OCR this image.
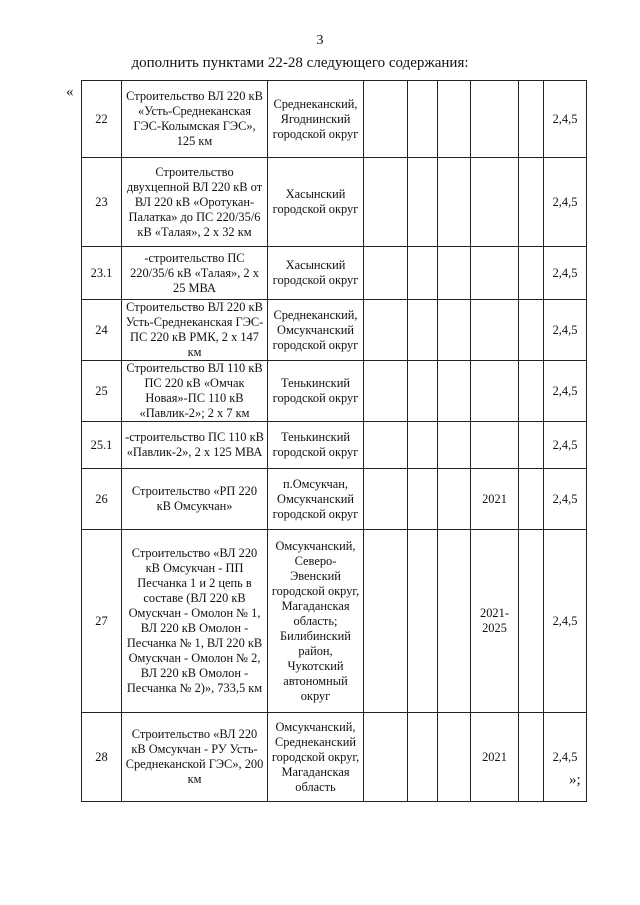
3
дополнить пунктами 22-28 следующего содержания:
«
22	Строительство ВЛ 220 кВ «Усть-Среднеканская ГЭС-Колымская ГЭС», 125 км	Среднеканский, Ягоднинский городской округ						2,4,5
23	Строительство двухцепной ВЛ 220 кВ от ВЛ 220 кВ «Оротукан-Палатка» до ПС 220/35/6 кВ «Талая», 2 х 32 км	Хасынский городской округ						2,4,5
23.1	-строительство ПС 220/35/6 кВ «Талая», 2 х 25 МВА	Хасынский городской округ						2,4,5
24	Строительство ВЛ 220 кВ Усть-Среднеканская ГЭС-ПС 220 кВ РМК, 2 х 147 км	Среднеканский, Омсукчанский городской округ						2,4,5
25	Строительство ВЛ 110 кВ ПС 220 кВ «Омчак Новая»-ПС 110 кВ «Павлик-2»; 2 х 7 км	Тенькинский городской округ						2,4,5
25.1	-строительство ПС 110 кВ «Павлик-2», 2 х 125 МВА	Тенькинский городской округ						2,4,5
26	Строительство «РП 220 кВ Омсукчан»	п.Омсукчан, Омсукчанский городской округ				2021		2,4,5
27	Строительство «ВЛ 220 кВ Омсукчан - ПП Песчанка 1 и 2 цепь в составе (ВЛ 220 кВ Омускчан - Омолон № 1, ВЛ 220 кВ Омолон - Песчанка № 1, ВЛ 220 кВ Омускчан - Омолон № 2, ВЛ 220 кВ Омолон - Песчанка № 2)», 733,5 км	Омсукчанский, Северо-Эвенский городской округ, Магаданская область; Билибинский район, Чукотский автономный округ				2021-2025		2,4,5
28	Строительство «ВЛ 220 кВ Омсукчан - РУ Усть-Среднеканской ГЭС», 200 км	Омсукчанский, Среднеканский городской округ, Магаданская область				2021		2,4,5
»;
